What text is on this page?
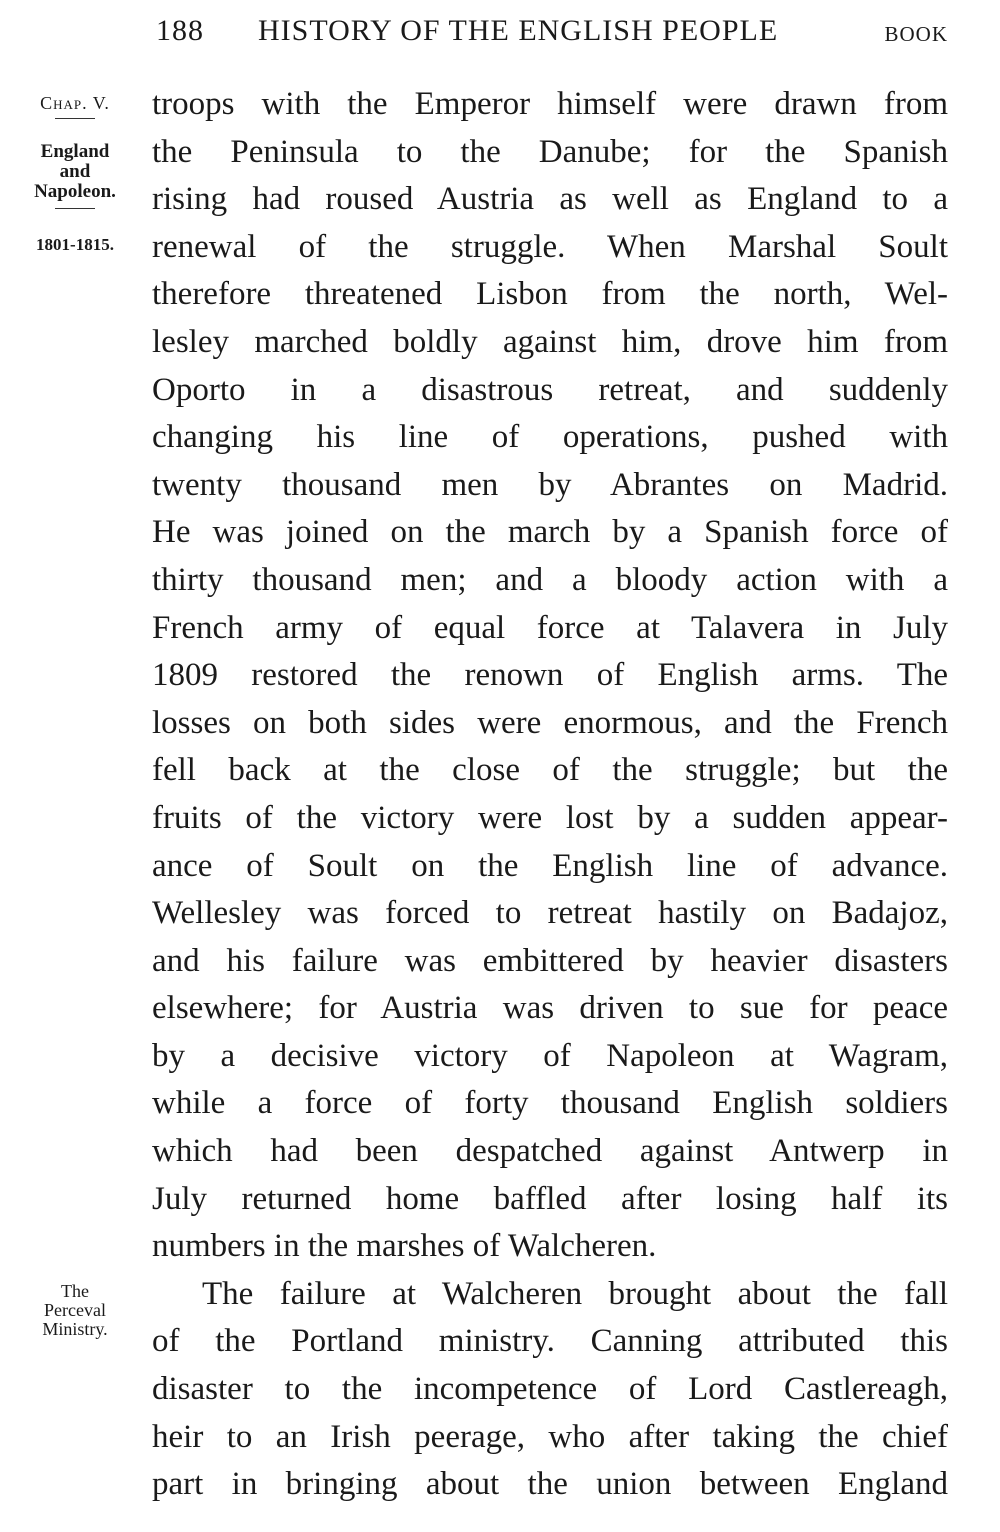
188 HISTORY OF THE ENGLISH PEOPLE	BOOK
Chap. V.
England
and
Napoleon.
1801-1815.
The
Perceval
Ministry.

troops with the Emperor himself were drawn from
the Peninsula to the Danube; for the Spanish
rising had roused Austria as well as England to a
renewal of the struggle. When Marshal Soult
therefore threatened Lisbon from the north, Wel-
lesley marched boldly against him, drove him from
Oporto in a disastrous retreat, and suddenly
changing his line of operations, pushed with
twenty thousand men by Abrantes on Madrid.
He was joined on the march by a Spanish force of
thirty thousand men; and a bloody action with a
French army of equal force at Talavera in July
1809 restored the renown of English arms. The
losses on both sides were enormous, and the French
fell back at the close of the struggle; but the
fruits of the victory were lost by a sudden appear-
ance of Soult on the English line of advance.
Wellesley was forced to retreat hastily on Badajoz,
and his failure was embittered by heavier disasters
elsewhere; for Austria was driven to sue for peace
by a decisive victory of Napoleon at Wagram,
while a force of forty thousand English soldiers
which had been despatched against Antwerp in
July returned home baffled after losing half its
numbers in the marshes of Walcheren.

The failure at Walcheren brought about the fall
of the Portland ministry. Canning attributed this
disaster to the incompetence of Lord Castlereagh,
heir to an Irish peerage, who after taking the chief
part in bringing about the union between England
